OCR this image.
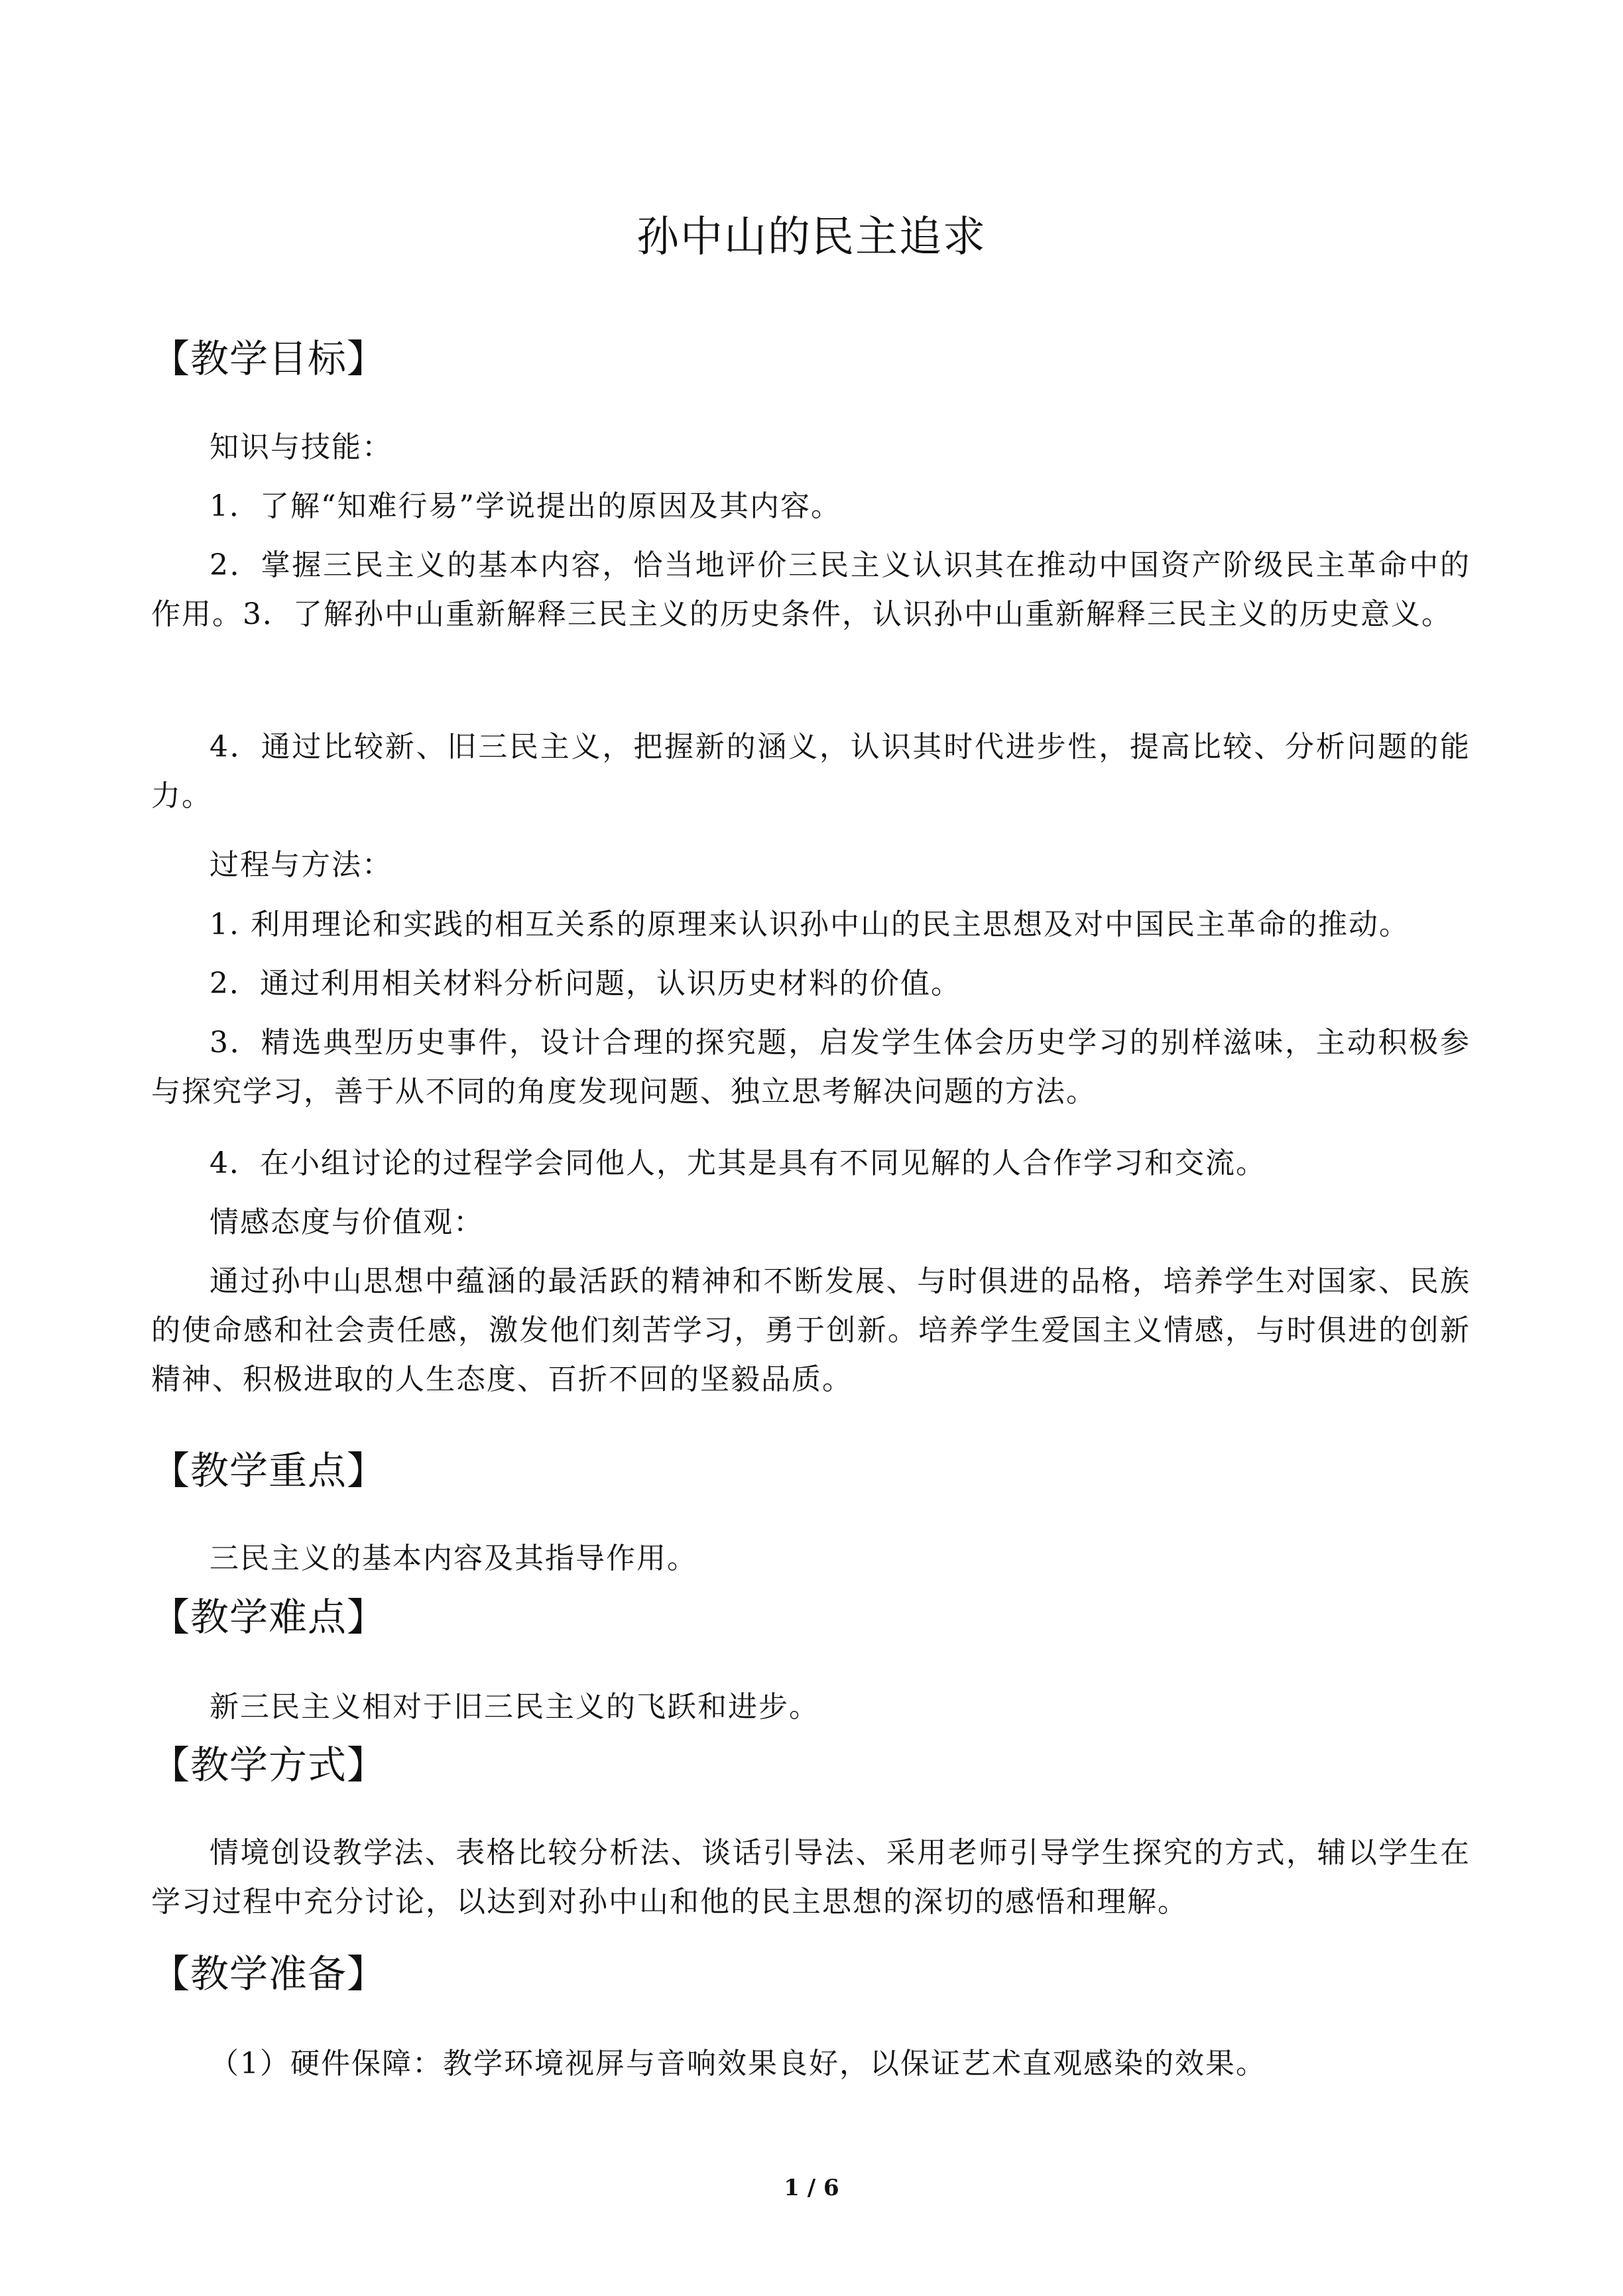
孙中山的民主追求
【教学目标】
知识与技能：
1．了解“知难行易”学说提出的原因及其内容。
2．掌握三民主义的基本内容，恰当地评价三民主义认识其在推动中国资产阶级民主革命中的作用。3．了解孙中山重新解释三民主义的历史条件，认识孙中山重新解释三民主义的历史意义。
4．通过比较新、旧三民主义，把握新的涵义，认识其时代进步性，提高比较、分析问题的能力。
过程与方法：
1. 利用理论和实践的相互关系的原理来认识孙中山的民主思想及对中国民主革命的推动。
2．通过利用相关材料分析问题，认识历史材料的价值。
3．精选典型历史事件，设计合理的探究题，启发学生体会历史学习的别样滋味，主动积极参与探究学习，善于从不同的角度发现问题、独立思考解决问题的方法。
4．在小组讨论的过程学会同他人，尤其是具有不同见解的人合作学习和交流。
情感态度与价值观：
通过孙中山思想中蕴涵的最活跃的精神和不断发展、与时俱进的品格，培养学生对国家、民族的使命感和社会责任感，激发他们刻苦学习，勇于创新。培养学生爱国主义情感，与时俱进的创新精神、积极进取的人生态度、百折不回的坚毅品质。
【教学重点】
三民主义的基本内容及其指导作用。
【教学难点】
新三民主义相对于旧三民主义的飞跃和进步。
【教学方式】
情境创设教学法、表格比较分析法、谈话引导法、采用老师引导学生探究的方式，辅以学生在学习过程中充分讨论，以达到对孙中山和他的民主思想的深切的感悟和理解。
【教学准备】
（1）硬件保障：教学环境视屏与音响效果良好，以保证艺术直观感染的效果。
1 / 6
